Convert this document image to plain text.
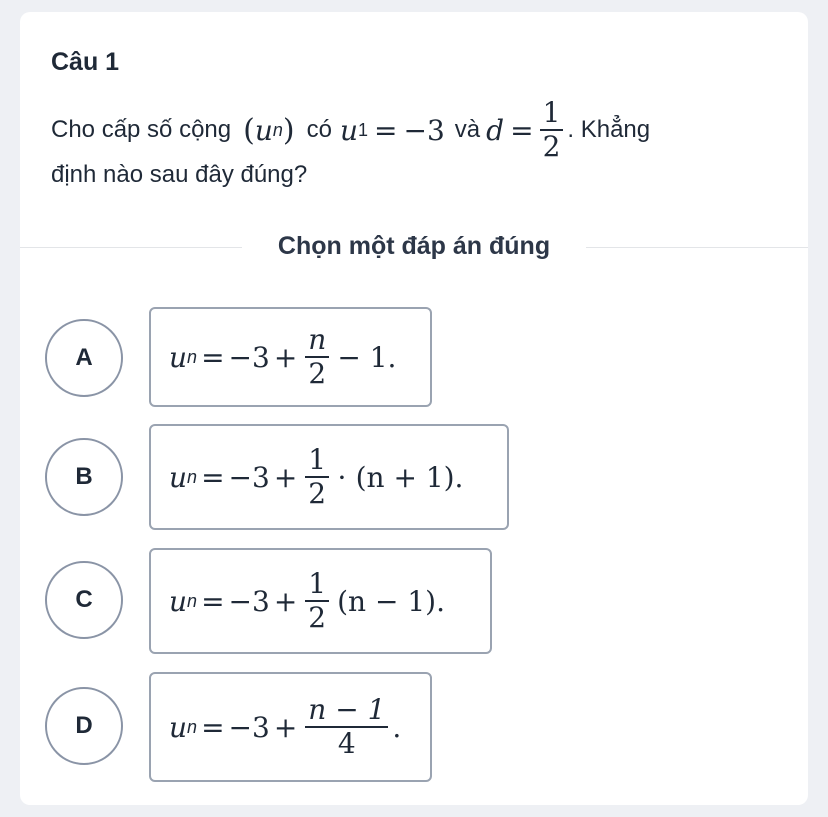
Câu 1
Cho cấp số cộng ( u n ) có u 1 = −3 và $d = \frac{1}{2}$ . Khẳng
định nào sau đây đúng?
Chọn một đáp án đúng
A	u $n = -3 + \frac{n}{2} - 1$.
B	u $n = -3 + \frac{1}{2} \cdot (n + 1)$.
C	u $n = -3 + \frac{1}{2} (n - 1)$.
D	u $n = -3 + \frac{n - 1}{4}$ .
